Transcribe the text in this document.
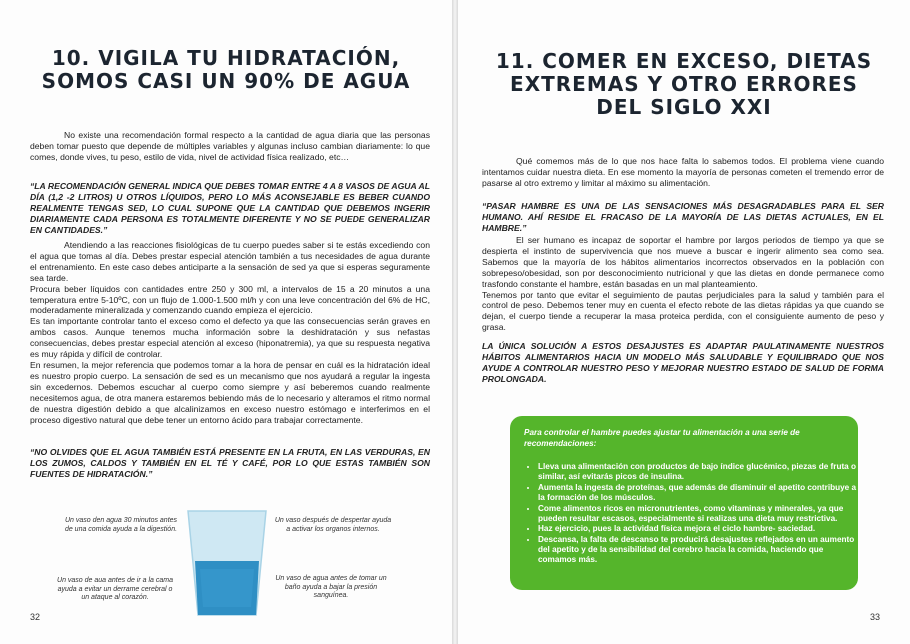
10. VIGILA TU HIDRATACIÓN,
SOMOS CASI UN 90% DE AGUA

No existe una recomendación formal respecto a la cantidad de agua diaria que las personas deben tomar puesto que depende de múltiples variables y algunas incluso cambian diariamente: lo que comes, donde vives, tu peso, estilo de vida, nivel de actividad física realizado, etc…

“LA RECOMENDACIÓN GENERAL INDICA QUE DEBES TOMAR ENTRE 4 A 8 VASOS DE AGUA AL DÍA (1,2 -2 LITROS) U OTROS LÍQUIDOS, PERO LO MÁS ACONSEJABLE ES BEBER CUANDO REALMENTE TENGAS SED, LO CUAL SUPONE QUE LA CANTIDAD QUE DEBEMOS INGERIR DIARIAMENTE CADA PERSONA ES TOTALMENTE DIFERENTE Y NO SE PUEDE GENERALIZAR EN CANTIDADES.”

Atendiendo a las reacciones fisiológicas de tu cuerpo puedes saber si te estás excediendo con el agua que tomas al día. Debes prestar especial atención también a tus necesidades de agua durante el entrenamiento. En este caso debes anticiparte a la sensación de sed ya que si esperas seguramente sea tarde.

Procura beber líquidos con cantidades entre 250 y 300 ml, a intervalos de 15 a 20 minutos a una temperatura entre 5-10ºC, con un flujo de 1.000-1.500 ml/h y con una leve concentración del 6% de HC, moderadamente mineralizada y comenzando cuando empieza el ejercicio.

Es tan importante controlar tanto el exceso como el defecto ya que las consecuencias serán graves en ambos casos. Aunque tenemos mucha información sobre la deshidratación y sus nefastas consecuencias, debes prestar especial atención al exceso (hiponatremia), ya que su respuesta negativa es muy rápida y difícil de controlar.

En resumen, la mejor referencia que podemos tomar a la hora de pensar en cuál es la hidratación ideal es nuestro propio cuerpo. La sensación de sed es un mecanismo que nos ayudará a regular la ingesta sin excedernos. Debemos escuchar al cuerpo como siempre y así beberemos cuando realmente necesitemos agua, de otra manera estaremos bebiendo más de lo necesario y alteramos el ritmo normal de nuestra digestión debido a que alcalinizamos en exceso nuestro estómago e interferimos en el proceso digestivo natural que debe tener un entorno ácido para trabajar correctamente.

“NO OLVIDES QUE EL AGUA TAMBIÉN ESTÁ PRESENTE EN LA FRUTA, EN LAS VERDURAS, EN LOS ZUMOS, CALDOS Y TAMBIÉN EN EL TÉ Y CAFÉ, POR LO QUE ESTAS TAMBIÉN SON FUENTES DE HIDRATACIÓN.”
Un vaso den agua 30 minutos antes de una comida ayuda a la digestión.
Un vaso después de despertar ayuda a activar los organos internos.
Un vaso de aua antes de ir a la cama ayuda a evitar un derrame cerebral o un ataque al corazón.
Un vaso de agua antes de tomar un baño ayuda a bajar la presión sanguínea.
32
11. COMER EN EXCESO, DIETAS
EXTREMAS Y OTRO ERRORES
DEL SIGLO XXI

Qué comemos más de lo que nos hace falta lo sabemos todos. El problema viene cuando intentamos cuidar nuestra dieta. En ese momento la mayoría de personas cometen el tremendo error de pasarse al otro extremo y limitar al máximo su alimentación.

“PASAR HAMBRE ES UNA DE LAS SENSACIONES MÁS DESAGRADABLES PARA EL SER HUMANO. AHÍ RESIDE EL FRACASO DE LA MAYORÍA DE LAS DIETAS ACTUALES, EN EL HAMBRE.”

El ser humano es incapaz de soportar el hambre por largos periodos de tiempo ya que se despierta el instinto de supervivencia que nos mueve a buscar e ingerir alimento sea como sea. Sabemos que la mayoría de los hábitos alimentarios incorrectos observados en la población con sobrepeso/obesidad, son por desconocimiento nutricional y que las dietas en donde permanece como trasfondo constante el hambre, están basadas en un mal planteamiento.

Tenemos por tanto que evitar el seguimiento de pautas perjudiciales para la salud y también para el control de peso. Debemos tener muy en cuenta el efecto rebote de las dietas rápidas ya que cuando se dejan, el cuerpo tiende a recuperar la masa proteica perdida, con el consiguiente aumento de peso y grasa.

LA ÚNICA SOLUCIÓN A ESTOS DESAJUSTES ES ADAPTAR PAULATINAMENTE NUESTROS HÁBITOS ALIMENTARIOS HACIA UN MODELO MÁS SALUDABLE Y EQUILIBRADO QUE NOS AYUDE A CONTROLAR NUESTRO PESO Y MEJORAR NUESTRO ESTADO DE SALUD DE FORMA PROLONGADA.

Para controlar el hambre puedes ajustar tu alimentación a una serie de recomendaciones:

• Lleva una alimentación con productos de bajo índice glucémico, piezas de fruta o similar, así evitarás picos de insulina.
• Aumenta la ingesta de proteínas, que además de disminuir el apetito contribuye a la formación de los músculos.
• Come alimentos ricos en micronutrientes, como vitaminas y minerales, ya que pueden resultar escasos, especialmente si realizas una dieta muy restrictiva.
• Haz ejercicio, pues la actividad física mejora el ciclo hambre- saciedad.
• Descansa, la falta de descanso te producirá desajustes reflejados en un aumento del apetito y de la sensibilidad del cerebro hacia la comida, haciendo que comamos más.
33
